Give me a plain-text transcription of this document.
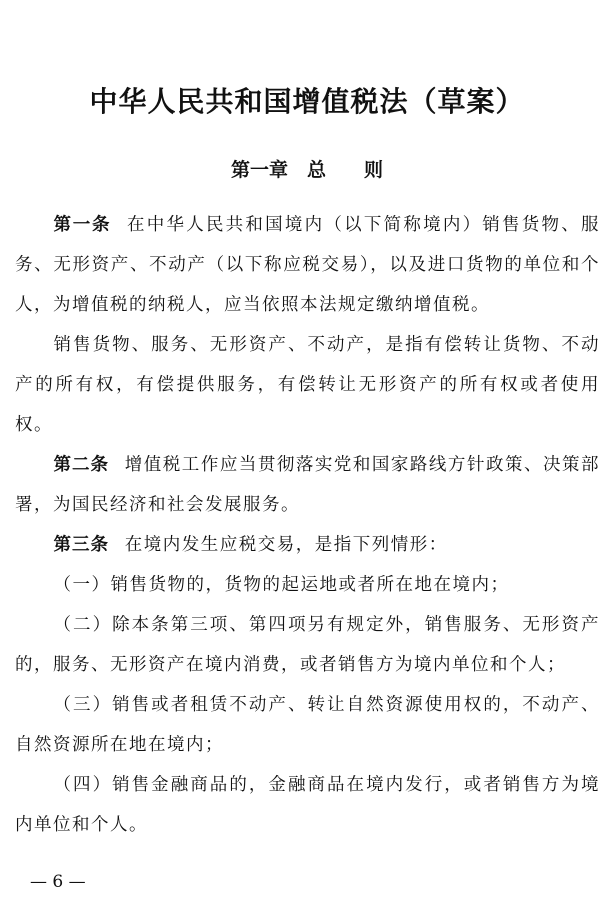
中华人民共和国增值税法（草案）
第一章　总　　则

第一条 在中华人民共和国境内（以下简称境内）销售货物、服务、无形资产、不动产（以下称应税交易），以及进口货物的单位和个人，为增值税的纳税人，应当依照本法规定缴纳增值税。

销售货物、服务、无形资产、不动产，是指有偿转让货物、不动产的所有权，有偿提供服务，有偿转让无形资产的所有权或者使用权。

第二条 增值税工作应当贯彻落实党和国家路线方针政策、决策部署，为国民经济和社会发展服务。

第三条 在境内发生应税交易，是指下列情形：

（一）销售货物的，货物的起运地或者所在地在境内；

（二）除本条第三项、第四项另有规定外，销售服务、无形资产的，服务、无形资产在境内消费，或者销售方为境内单位和个人；

（三）销售或者租赁不动产、转让自然资源使用权的，不动产、自然资源所在地在境内；

（四）销售金融商品的，金融商品在境内发行，或者销售方为境内单位和个人。

— 6 —
